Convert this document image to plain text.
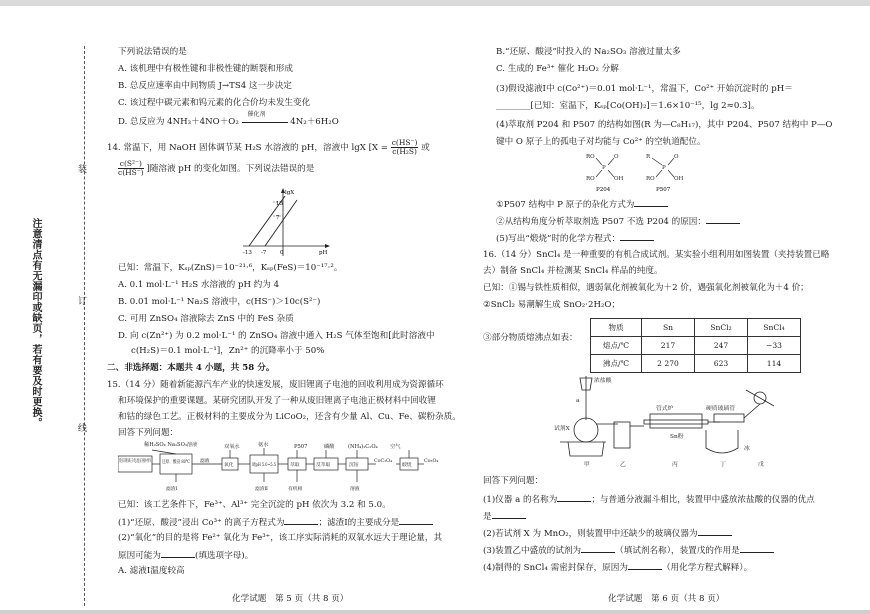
注意清点有无漏印或缺页，若有要及时更换。
装
订
线
下列说法错误的是
A. 该机理中有极性键和非极性键的断裂和形成
B. 总反应速率由中间物质 J→TS4 这一步决定
C. 该过程中碳元素和钨元素的化合价均未发生变化
D. 总反应为 4NH₃＋4NO＋O₂
催化剂
4N₂＋6H₂O
14. 常温下，用 NaOH 固体调节某 H₂S 水溶液的 pH，溶液中 lgX [$X = \frac{c(HS^-)}{\text{c(H₂S)}}$ 或
$\frac{\text{c(S²⁻)}}{c(HS^-)}$ ]随溶液 pH 的变化如图。下列说法错误的是
lgX
pH
13
7
-13 -7 0
已知：常温下，Kₛₚ(ZnS)＝10⁻²¹·⁶，Kₛₚ(FeS)＝10⁻¹⁷·²。
A. 0.1 mol·L⁻¹ H₂S 水溶液的 pH 约为 4
B. 0.01 mol·L⁻¹ Na₂S 溶液中，c(HS⁻)＞10c(S²⁻)
C. 可用 ZnSO₄ 溶液除去 ZnS 中的 FeS 杂质
D. 向 c(Zn²⁺) 为 0.2 mol·L⁻¹ 的 ZnSO₄ 溶液中通入 H₂S 气体至饱和[此时溶液中
c(H₂S)＝0.1 mol·L⁻¹]，Zn²⁺ 的沉降率小于 50%
二、非选择题：本题共 4 小题，共 58 分。
15.（14 分）随着新能源汽车产业的快速发展，废旧锂离子电池的回收利用成为资源循环
和环境保护的重要课题。某研究团队开发了一种从废旧锂离子电池正极材料中回收锂
和钴的绿色工艺。正极材料的主要成分为 LiCoO₂，还含有少量 Al、Cu、Fe、碳粉杂质。
回答下列问题：
稀H₂SO₄ Na₂SO₃溶液	双氧水	氨水	P507	磷酸	(NH₄)₂C₂O₄ 空气
废旧锂离子电池正极材料
还原、酸浸 80℃ 滤液
氧化	调pH 5.0~5.5 萃取	反萃取	沉钴	煅烧
CoC₂O₄	Co₃O₄
滤渣Ⅰ	滤渣Ⅱ	有机相	溶液
已知：该工艺条件下，Fe³⁺、Al³⁺ 完全沉淀的 pH 依次为 3.2 和 5.0。
(1)“还原、酸浸”浸出 Co³⁺ 的离子方程式为	；滤渣Ⅰ的主要成分是
(2)“氧化”的目的是将 Fe²⁺ 氧化为 Fe³⁺，该工序实际消耗的双氧水远大于理论量，其
原因可能为	(填选项字母)。
A. 滤液Ⅰ温度较高
化学试题　第 5 页（共 8 页）
B.“还原、酸浸”时投入的 Na₂SO₃ 溶液过量太多
C. 生成的 Fe³⁺ 催化 H₂O₂ 分解
(3)假设滤液Ⅰ中 c(Co²⁺)＝0.01 mol·L⁻¹，常温下，Co²⁺ 开始沉淀时的 pH＝
________[已知：室温下，Kₛₚ[Co(OH)₂]＝1.6×10⁻¹⁵，lg 2≈0.3]。
(4)萃取剂 P204 和 P507 的结构如图(R 为—C₈H₁₇)，其中 P204、P507 结构中 P—O
键中 O 原子上的孤电子对均能与 Co²⁺ 的空轨道配位。
RO	O
P
RO	OH
R	O
P
RO	OH
P204	P507
①P507 结构中 P 原子的杂化方式为
②从结构角度分析萃取剂选 P507 不选 P204 的原因：
(5)写出“煅烧”时的化学方程式：
16.（14 分）SnCl₄ 是一种重要的有机合成试剂。某实验小组利用如图装置（夹持装置已略
去）制备 SnCl₄ 并检测某 SnCl₄ 样品的纯度。
已知：①锡与铁性质相似，遇弱氧化剂被氧化为＋2 价，遇强氧化剂被氧化为＋4 价；
②SnCl₂ 易潮解生成 SnO₂·2H₂O；
③部分物质熔沸点如表：
物质	Sn	SnCl₂	SnCl₄
熔点/℃	217	247	−33
沸点/℃	2 270	623	114
浓盐酸
试剂X
甲	乙	丙	丁	戊
管式炉	硬质玻璃管
Sn粉
冰
a
回答下列问题：
(1)仪器 a 的名称为	；与普通分液漏斗相比，装置甲中盛放浓盐酸的仪器的优点
是
(2)若试剂 X 为 MnO₂，则装置甲中还缺少的玻璃仪器为
(3)装置乙中盛放的试剂为	（填试剂名称），装置戊的作用是
(4)制得的 SnCl₄ 需密封保存，原因为	（用化学方程式解释）。
化学试题　第 6 页（共 8 页）
